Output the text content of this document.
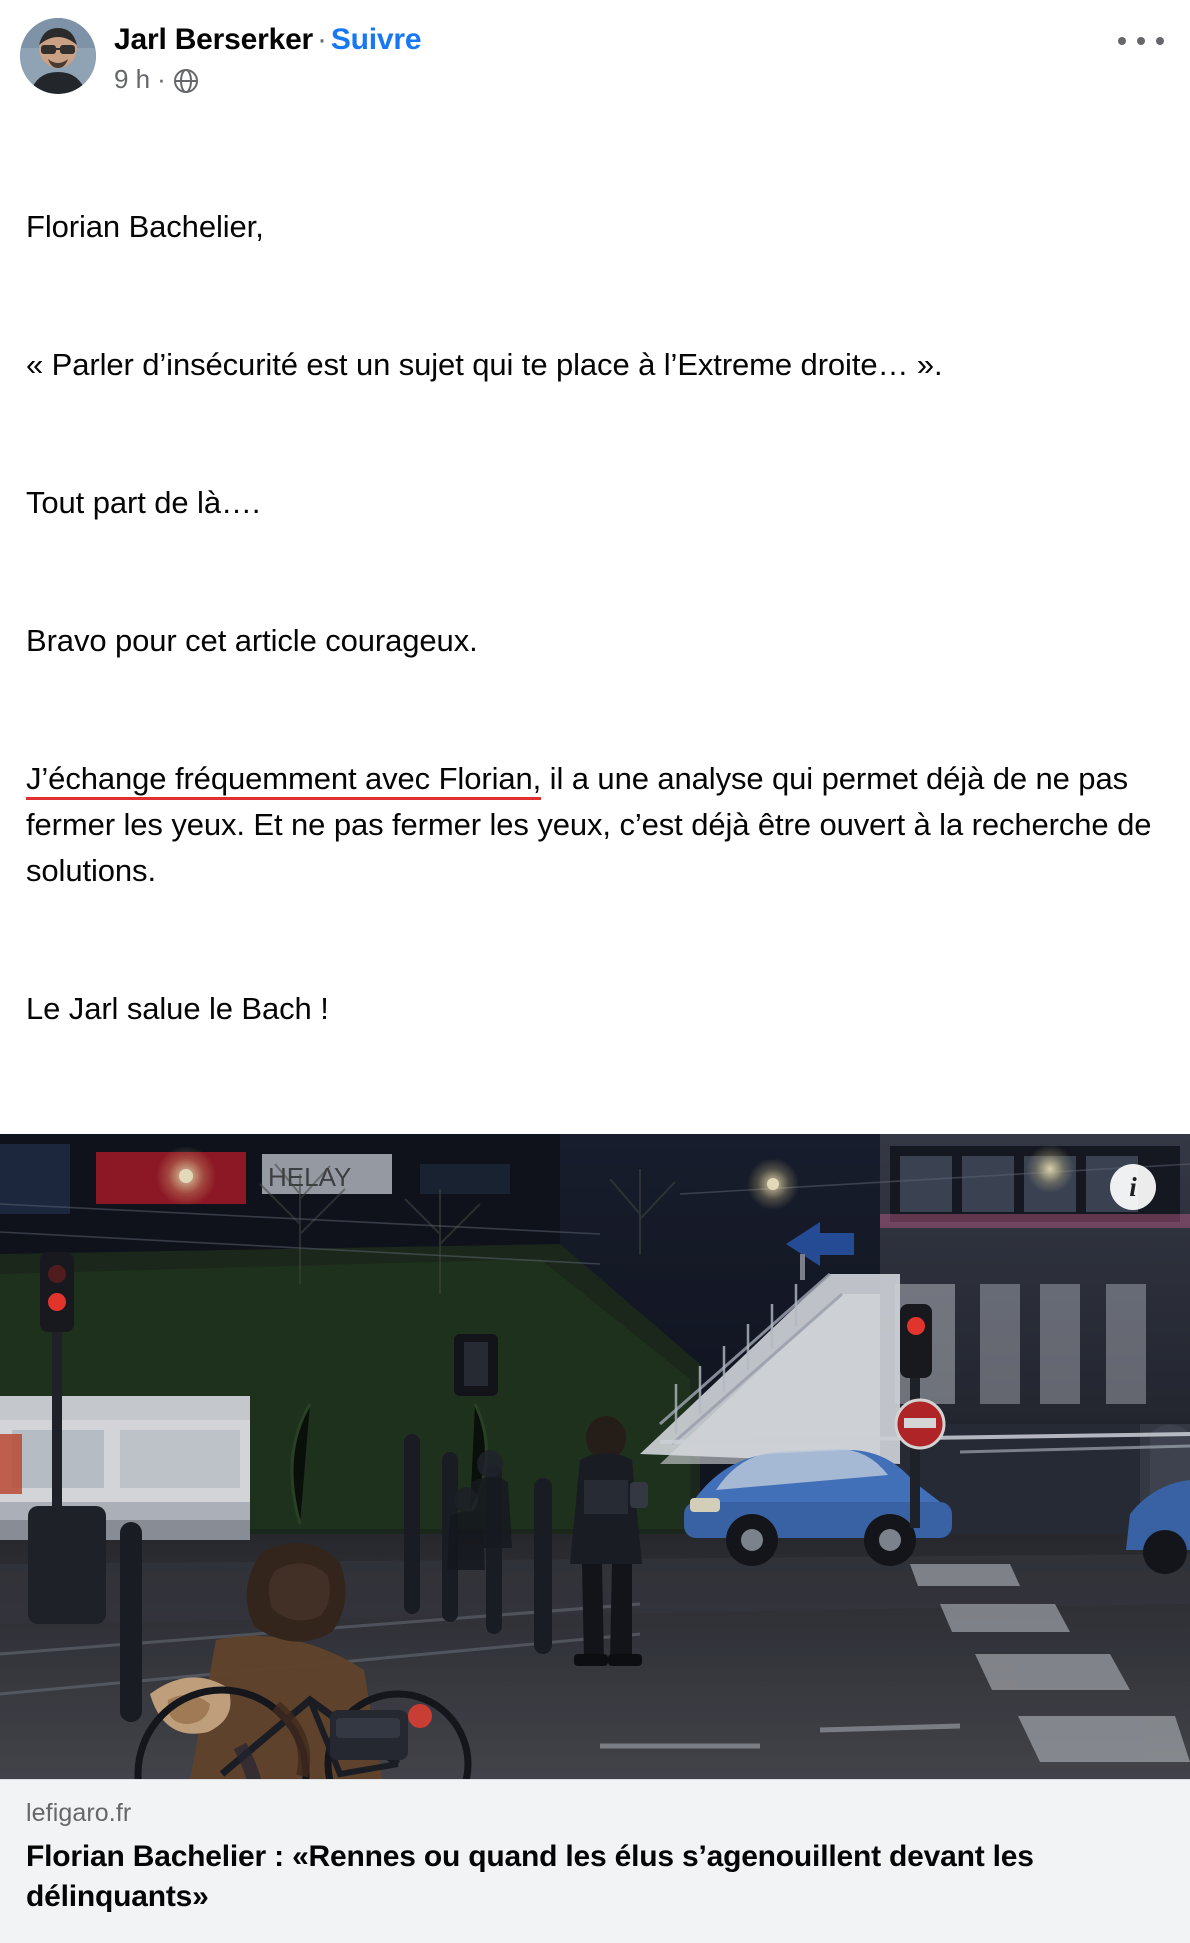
Jarl Berserker · Suivre
9 h ·

Florian Bachelier,

« Parler d’insécurité est un sujet qui te place à l’Extreme droite… ».

Tout part de là….

Bravo pour cet article courageux.

J’échange fréquemment avec Florian, il a une analyse qui permet déjà de ne pas fermer les yeux. Et ne pas fermer les yeux, c’est déjà être ouvert à la recherche de solutions.

Le Jarl salue le Bach !

HELAY	i
lefigaro.fr
Florian Bachelier : «Rennes ou quand les élus s’agenouillent devant les délinquants»
